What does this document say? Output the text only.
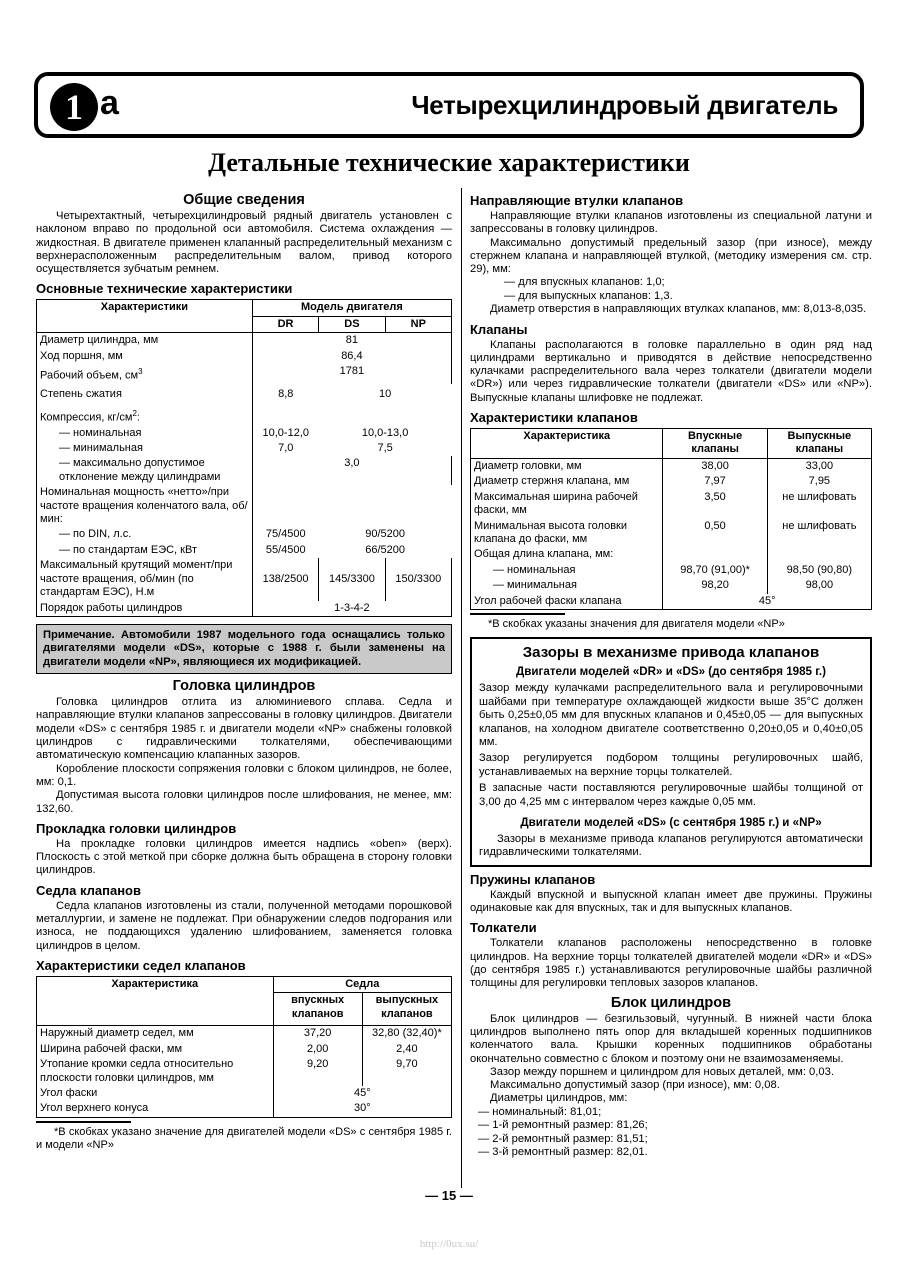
1 a	Четырехцилиндровый двигатель
Детальные технические характеристики
Общие сведения

Четырехтактный, четырехцилиндровый рядный двигатель установлен с наклоном вправо по продольной оси автомобиля. Система охлаждения — жидкостная. В двигателе применен клапанный распределительный механизм с верхнерасположенным распределительным валом, привод которого осуществляется зубчатым ремнем.

Основные технические характеристики
Характеристики	Модель двигателя		
	DR	DS	NP
Диаметр цилиндра, мм	81		
Ход поршня, мм	86,4		
Рабочий объем, $см^3$	1781		
Степень сжатия	8,8	10	
Компрессия, $кг/см^2$:			
— номинальная	10,0-12,0	10,0-13,0	
— минимальная	7,0	7,5	
— максимально допустимое отклонение между цилиндрами	3,0		
Номинальная мощность «нетто»/при частоте вращения коленчатого вала, об/мин:			
— по DIN, л.с.	75/4500	90/5200	
— по стандартам ЕЭС, кВт	55/4500	66/5200	
Максимальный крутящий момент/при частоте вращения, об/мин (по стандартам ЕЭС), Н.м	138/2500	145/3300	150/3300
Порядок работы цилиндров	1-3-4-2		
Примечание. Автомобили 1987 модельного года оснащались только двигателями модели «DS», которые с 1988 г. были заменены на двигатели модели «NP», являющиеся их модификацией.
Головка цилиндров

Головка цилиндров отлита из алюминиевого сплава. Седла и направляющие втулки клапанов запрессованы в головку цилиндров. Двигатели модели «DS» с сентября 1985 г. и двигатели модели «NP» снабжены головкой цилиндров с гидравлическими толкателями, обеспечивающими автоматическую компенсацию клапанных зазоров.

Коробление плоскости сопряжения головки с блоком цилиндров, не более, мм: 0,1.

Допустимая высота головки цилиндров после шлифования, не менее, мм: 132,60.

Прокладка головки цилиндров

На прокладке головки цилиндров имеется надпись «oben» (верх). Плоскость с этой меткой при сборке должна быть обращена в сторону головки цилиндров.

Седла клапанов

Седла клапанов изготовлены из стали, полученной методами порошковой металлургии, и замене не подлежат. При обнаружении следов подгорания или износа, не поддающихся удалению шлифованием, заменяется головка цилиндров в целом.

Характеристики седел клапанов
Характеристика	Седла	
	впускных клапанов	выпускных клапанов
Наружный диаметр седел, мм	37,20	32,80 (32,40)*
Ширина рабочей фаски, мм	2,00	2,40
Утопание кромки седла относительно плоскости головки цилиндров, мм	9,20	9,70
Угол фаски	45°	
Угол верхнего конуса	30°	
*В скобках указано значение для двигателей модели «DS» с сентября 1985 г. и модели «NP»
Направляющие втулки клапанов

Направляющие втулки клапанов изготовлены из специальной латуни и запрессованы в головку цилиндров.

Максимально допустимый предельный зазор (при износе), между стержнем клапана и направляющей втулкой, (методику измерения см. стр. 29), мм:

— для впускных клапанов: 1,0;
— для выпускных клапанов: 1,3.

Диаметр отверстия в направляющих втулках клапанов, мм: 8,013-8,035.

Клапаны

Клапаны располагаются в головке параллельно в один ряд над цилиндрами вертикально и приводятся в действие непосредственно кулачками распределительного вала через толкатели (двигатели модели «DR») или через гидравлические толкатели (двигатели «DS» или «NP»). Выпускные клапаны шлифовке не подлежат.

Характеристики клапанов
Характеристика	Впускные клапаны	Выпускные клапаны
Диаметр головки, мм	38,00	33,00
Диаметр стержня клапана, мм	7,97	7,95
Максимальная ширина рабочей фаски, мм	3,50	не шлифовать
Минимальная высота головки клапана до фаски, мм	0,50	не шлифовать
Общая длина клапана, мм:		
— номинальная	98,70 (91,00)*	98,50 (90,80)
— минимальная	98,20	98,00
Угол рабочей фаски клапана	45°	
*В скобках указаны значения для двигателя модели «NP»
Зазоры в механизме привода клапанов
Двигатели моделей «DR» и «DS» (до сентября 1985 г.)

Зазор между кулачками распределительного вала и регулировочными шайбами при температуре охлаждающей жидкости выше 35°С должен быть 0,25±0,05 мм для впускных клапанов и 0,45±0,05 — для выпускных клапанов, на холодном двигателе соответственно 0,20±0,05 и 0,40±0,05 мм.

Зазор регулируется подбором толщины регулировочных шайб, устанавливаемых на верхние торцы толкателей.

В запасные части поставляются регулировочные шайбы толщиной от 3,00 до 4,25 мм с интервалом через каждые 0,05 мм.

Двигатели моделей «DS» (с сентября 1985 г.) и «NP»

Зазоры в механизме привода клапанов регулируются автоматически гидравлическими толкателями.

Пружины клапанов

Каждый впускной и выпускной клапан имеет две пружины. Пружины одинаковые как для впускных, так и для выпускных клапанов.

Толкатели

Толкатели клапанов расположены непосредственно в головке цилиндров. На верхние торцы толкателей двигателей модели «DR» и «DS» (до сентября 1985 г.) устанавливаются регулировочные шайбы различной толщины для регулировки тепловых зазоров клапанов.

Блок цилиндров

Блок цилиндров — безгильзовый, чугунный. В нижней части блока цилиндров выполнено пять опор для вкладышей коренных подшипников коленчатого вала. Крышки коренных подшипников обработаны окончательно совместно с блоком и поэтому они не взаимозаменяемы.

Зазор между поршнем и цилиндром для новых деталей, мм: 0,03.

Максимально допустимый зазор (при износе), мм: 0,08.

Диаметры цилиндров, мм:

— номинальный: 81,01;
— 1-й ремонтный размер: 81,26;
— 2-й ремонтный размер: 81,51;
— 3-й ремонтный размер: 82,01.
— 15 —
http://0ux.su/
